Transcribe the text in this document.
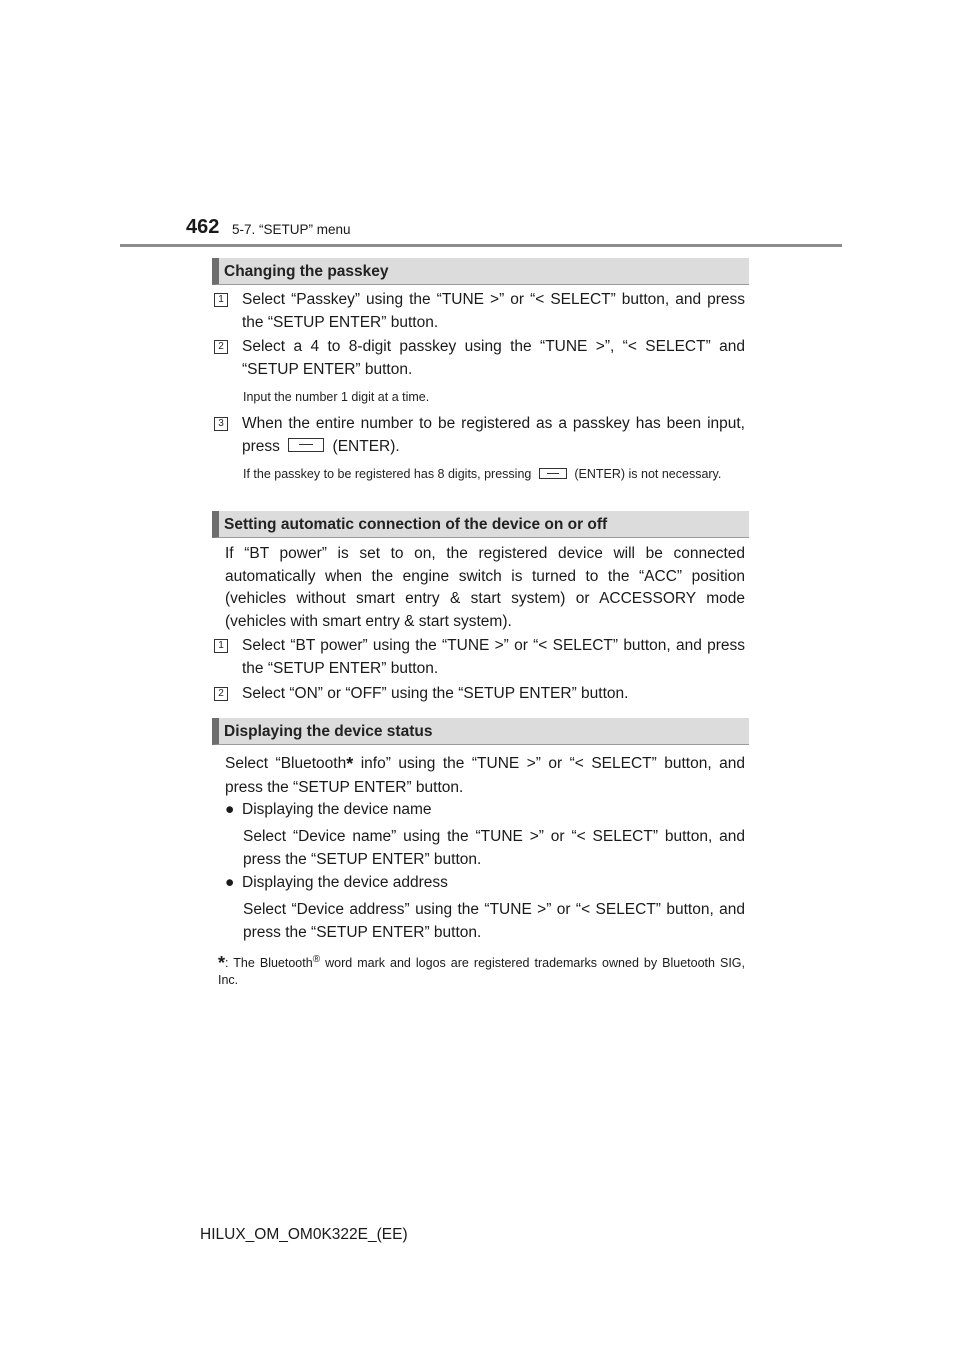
462 5-7. “SETUP” menu
Changing the passkey
1 Select “Passkey” using the “TUNE >” or “< SELECT” button, and press the “SETUP ENTER” button.

2 Select a 4 to 8-digit passkey using the “TUNE >”, “< SELECT” and “SETUP ENTER” button.

Input the number 1 digit at a time.

3 When the entire number to be registered as a passkey has been input, press	(ENTER).

If the passkey to be registered has 8 digits, pressing	(ENTER) is not necessary.

Setting automatic connection of the device on or off

If “BT power” is set to on, the registered device will be connected automatically when the engine switch is turned to the “ACC” position (vehicles without smart entry & start system) or ACCESSORY mode (vehicles with smart entry & start system).

1 Select “BT power” using the “TUNE >” or “< SELECT” button, and press the “SETUP ENTER” button.

2 Select “ON” or “OFF” using the “SETUP ENTER” button.

Displaying the device status

Select “Bluetooth* info” using the “TUNE >” or “< SELECT” button, and press the “SETUP ENTER” button.

● Displaying the device name

Select “Device name” using the “TUNE >” or “< SELECT” button, and press the “SETUP ENTER” button.

● Displaying the device address

Select “Device address” using the “TUNE >” or “< SELECT” button, and press the “SETUP ENTER” button.

*: The Bluetooth® word mark and logos are registered trademarks owned by Bluetooth SIG, Inc.

HILUX_OM_OM0K322E_(EE)
